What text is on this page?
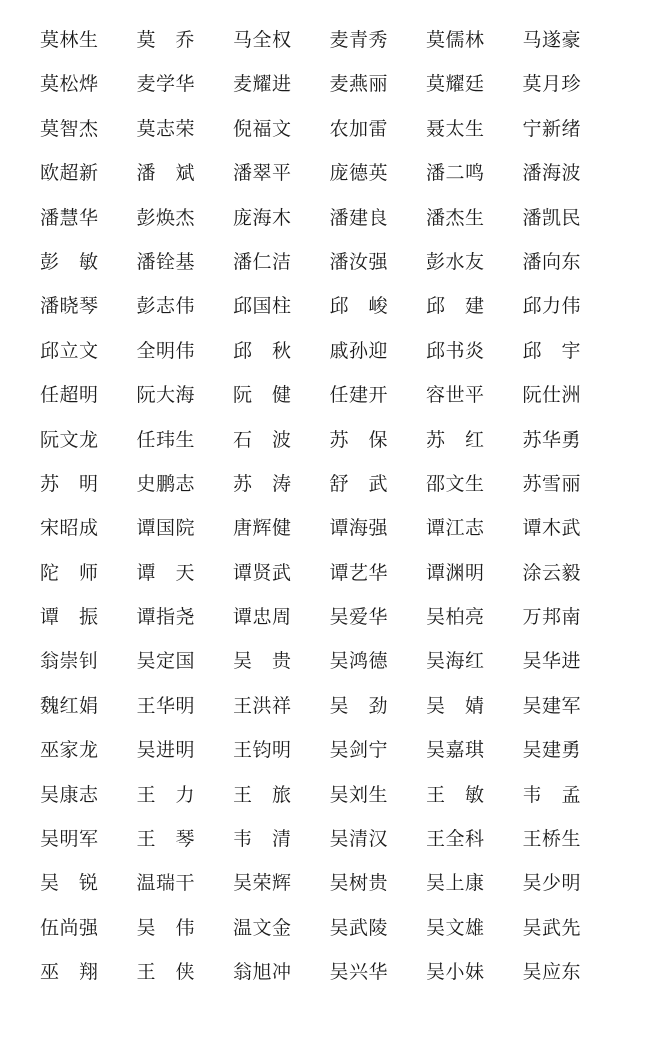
莫林生	莫　乔	马全权	麦青秀	莫儒林	马遂豪
莫松烨	麦学华	麦耀进	麦燕丽	莫耀廷	莫月珍
莫智杰	莫志荣	倪福文	农加雷	聂太生	宁新绪
欧超新	潘　斌	潘翠平	庞德英	潘二鸣	潘海波
潘慧华	彭焕杰	庞海木	潘建良	潘杰生	潘凯民
彭　敏	潘铨基	潘仁洁	潘汝强	彭水友	潘向东
潘晓琴	彭志伟	邱国柱	邱　峻	邱　建	邱力伟
邱立文	全明伟	邱　秋	戚孙迎	邱书炎	邱　宇
任超明	阮大海	阮　健	任建开	容世平	阮仕洲
阮文龙	任玮生	石　波	苏　保	苏　红	苏华勇
苏　明	史鹏志	苏　涛	舒　武	邵文生	苏雪丽
宋昭成	谭国院	唐辉健	谭海强	谭江志	谭木武
陀　师	谭　天	谭贤武	谭艺华	谭渊明	涂云毅
谭　振	谭指尧	谭忠周	吴爱华	吴柏亮	万邦南
翁崇钊	吴定国	吴　贵	吴鸿德	吴海红	吴华进
魏红娟	王华明	王洪祥	吴　劲	吴　婧	吴建军
巫家龙	吴进明	王钧明	吴剑宁	吴嘉琪	吴建勇
吴康志	王　力	王　旅	吴刘生	王　敏	韦　孟
吴明军	王　琴	韦　清	吴清汉	王全科	王桥生
吴　锐	温瑞干	吴荣辉	吴树贵	吴上康	吴少明
伍尚强	吴　伟	温文金	吴武陵	吴文雄	吴武先
巫　翔	王　侠	翁旭冲	吴兴华	吴小妹	吴应东
